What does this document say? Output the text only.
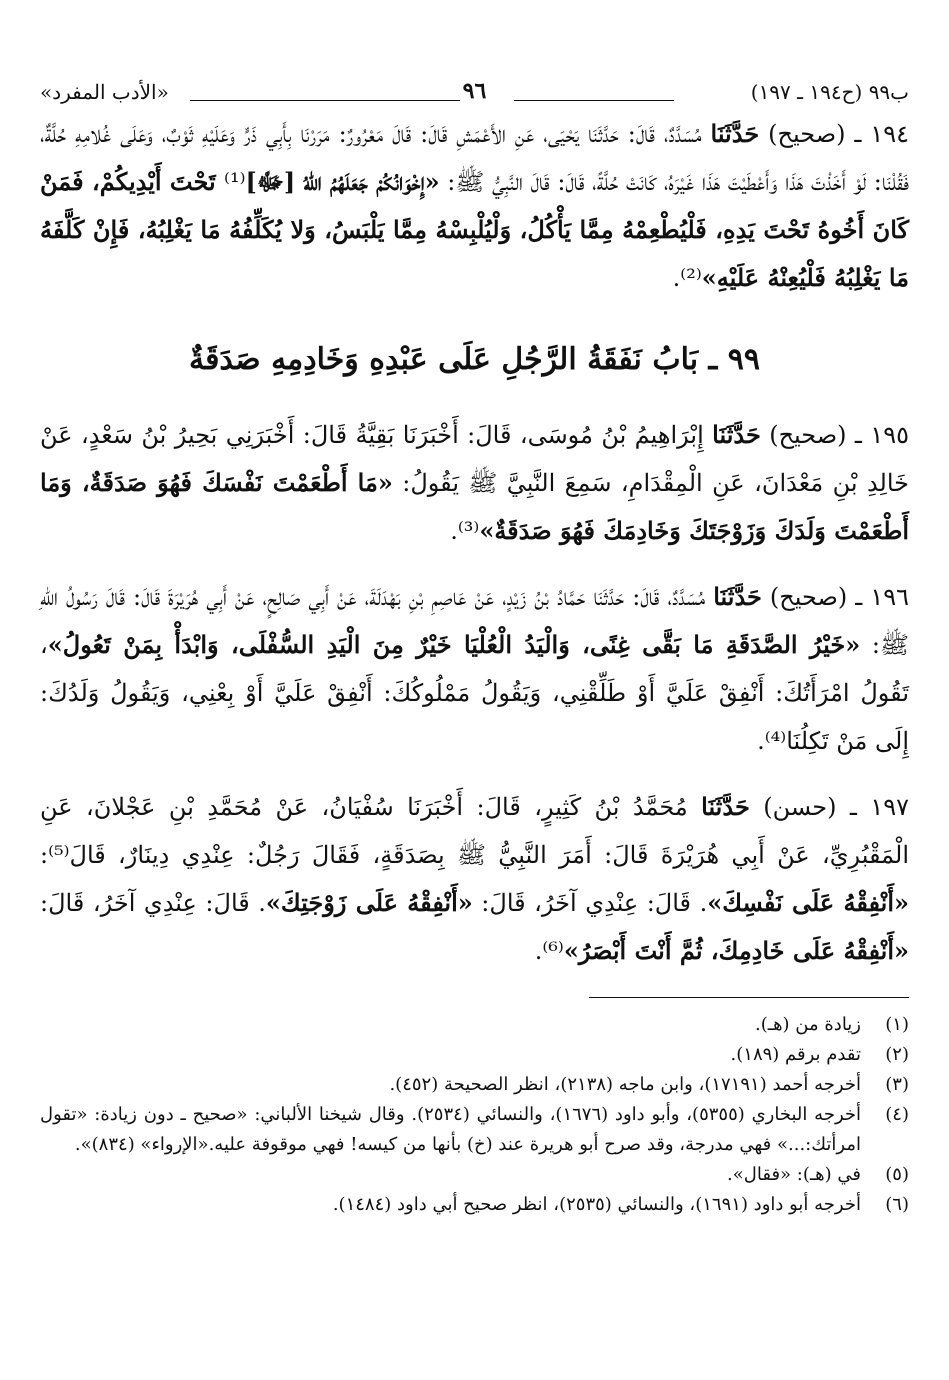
ب٩٩ (ح١٩٤ ـ ١٩٧)
٩٦
«الأدب المفرد»

١٩٤ ـ (صحيح) حَدَّثَنَا مُسَدَّدٌ، قَالَ: حَدَّثَنَا يَحْيَى، عَنِ الأَعْمَشِ قَالَ: قَالَ مَعْرُورٌ: مَرَرْنَا بِأَبِي ذَرٍّ وَعَلَيْهِ ثَوْبٌ، وَعَلَى غُلامِهِ حُلَّةٌ، فَقُلْنَا: لَوْ أَخَذْتَ هَذَا وَأَعْطَيْتَ هَذَا غَيْرَهُ، كَانَتْ حُلَّةً، قَالَ: قَالَ النَّبِيُّ ﷺ: «إِخْوَانُكُمْ جَعَلَهُمُ اللهُ [ﷻ]⁽¹⁾ تَحْتَ أَيْدِيكُمْ، فَمَنْ كَانَ أَخُوهُ تَحْتَ يَدِهِ، فَلْيُطْعِمْهُ مِمَّا يَأْكُلُ، وَلْيُلْبِسْهُ مِمَّا يَلْبَسُ، وَلا يُكَلِّفُهُ مَا يَغْلِبُهُ، فَإِنْ كَلَّفَهُ مَا يَغْلِبُهُ فَلْيُعِنْهُ عَلَيْهِ»⁽²⁾.

٩٩ ـ بَابُ نَفَقَةُ الرَّجُلِ عَلَى عَبْدِهِ وَخَادِمِهِ صَدَقَةٌ

١٩٥ ـ (صحيح) حَدَّثَنَا إِبْرَاهِيمُ بْنُ مُوسَى، قَالَ: أَخْبَرَنَا بَقِيَّةُ قَالَ: أَخْبَرَنِي بَحِيرُ بْنُ سَعْدٍ، عَنْ خَالِدِ بْنِ مَعْدَانَ، عَنِ الْمِقْدَامِ، سَمِعَ النَّبِيَّ ﷺ يَقُولُ: «مَا أَطْعَمْتَ نَفْسَكَ فَهُوَ صَدَقَةٌ، وَمَا أَطْعَمْتَ وَلَدَكَ وَزَوْجَتَكَ وَخَادِمَكَ فَهُوَ صَدَقَةٌ»⁽³⁾.

١٩٦ ـ (صحيح) حَدَّثَنَا مُسَدَّدٌ، قَالَ: حَدَّثَنَا حَمَّادُ بْنُ زَيْدٍ، عَنْ عَاصِمِ بْنِ بَهْدَلَةَ، عَنْ أَبِي صَالِحٍ، عَنْ أَبِي هُرَيْرَةَ قَالَ: قَالَ رَسُولُ اللهِ ﷺ: «خَيْرُ الصَّدَقَةِ مَا بَقَّى غِنًى، وَالْيَدُ الْعُلْيَا خَيْرٌ مِنَ الْيَدِ السُّفْلَى، وَابْدَأْ بِمَنْ تَعُولُ»، تَقُولُ امْرَأَتُكَ: أَنْفِقْ عَلَيَّ أَوْ طَلِّقْنِي، وَيَقُولُ مَمْلُوكُكَ: أَنْفِقْ عَلَيَّ أَوْ بِعْنِي، وَيَقُولُ وَلَدُكَ: إِلَى مَنْ تَكِلُنَا⁽⁴⁾.

١٩٧ ـ (حسن) حَدَّثَنَا مُحَمَّدُ بْنُ كَثِيرٍ، قَالَ: أَخْبَرَنَا سُفْيَانُ، عَنْ مُحَمَّدِ بْنِ عَجْلانَ، عَنِ الْمَقْبُرِيِّ، عَنْ أَبِي هُرَيْرَةَ قَالَ: أَمَرَ النَّبِيُّ ﷺ بِصَدَقَةٍ، فَقَالَ رَجُلٌ: عِنْدِي دِينَارٌ، قَالَ⁽⁵⁾: «أَنْفِقْهُ عَلَى نَفْسِكَ». قَالَ: عِنْدِي آخَرُ، قَالَ: «أَنْفِقْهُ عَلَى زَوْجَتِكَ». قَالَ: عِنْدِي آخَرُ، قَالَ: «أَنْفِقْهُ عَلَى خَادِمِكَ، ثُمَّ أَنْتَ أَبْصَرُ»⁽⁶⁾.

(١)
زيادة من (هـ).
(٢)
تقدم برقم (١٨٩).
(٣)
أخرجه أحمد (١٧١٩١)، وابن ماجه (٢١٣٨)، انظر الصحيحة (٤٥٢).
(٤)
أخرجه البخاري (٥٣٥٥)، وأبو داود (١٦٧٦)، والنسائي (٢٥٣٤). وقال شيخنا الألباني: «صحيح ـ دون زيادة: «تقول امرأتك:...» فهي مدرجة، وقد صرح أبو هريرة عند (خ) بأنها من كيسه! فهي موقوفة عليه.«الإرواء» (٨٣٤)».
(٥)
في (هـ): «فقال».
(٦)
أخرجه أبو داود (١٦٩١)، والنسائي (٢٥٣٥)، انظر صحيح أبي داود (١٤٨٤).
